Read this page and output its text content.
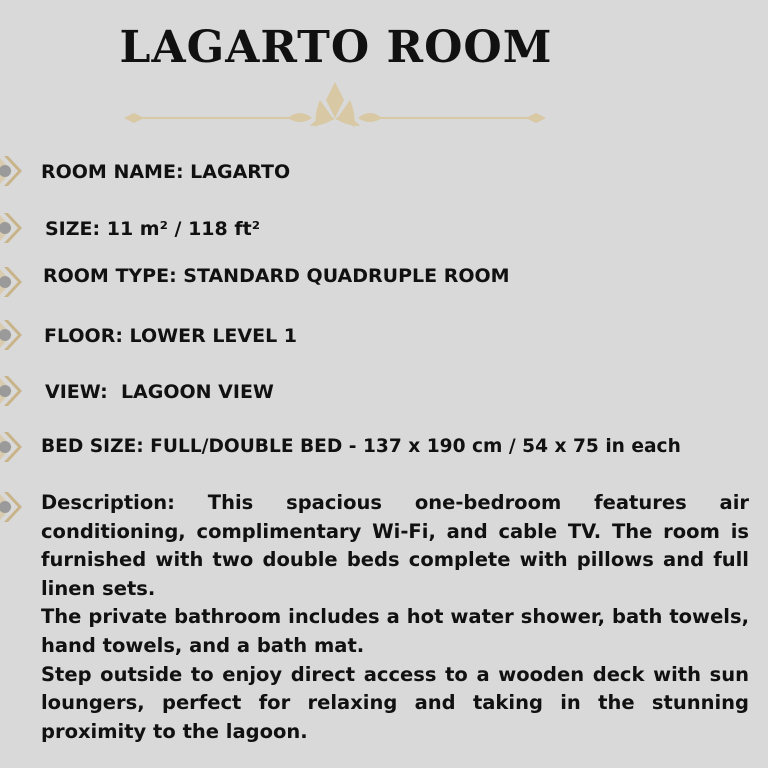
LAGARTO ROOM
ROOM NAME: LAGARTO
SIZE: 11 m² / 118 ft²
ROOM TYPE: STANDARD QUADRUPLE ROOM
FLOOR: LOWER LEVEL 1
VIEW:  LAGOON VIEW
BED SIZE: FULL/DOUBLE BED - 137 x 190 cm / 54 x 75 in each

Description: This spacious one-bedroom features air conditioning, complimentary Wi-Fi, and cable TV. The room is furnished with two double beds complete with pillows and full linen sets.

The private bathroom includes a hot water shower, bath towels, hand towels, and a bath mat.

Step outside to enjoy direct access to a wooden deck with sun loungers, perfect for relaxing and taking in the stunning proximity to the lagoon.
